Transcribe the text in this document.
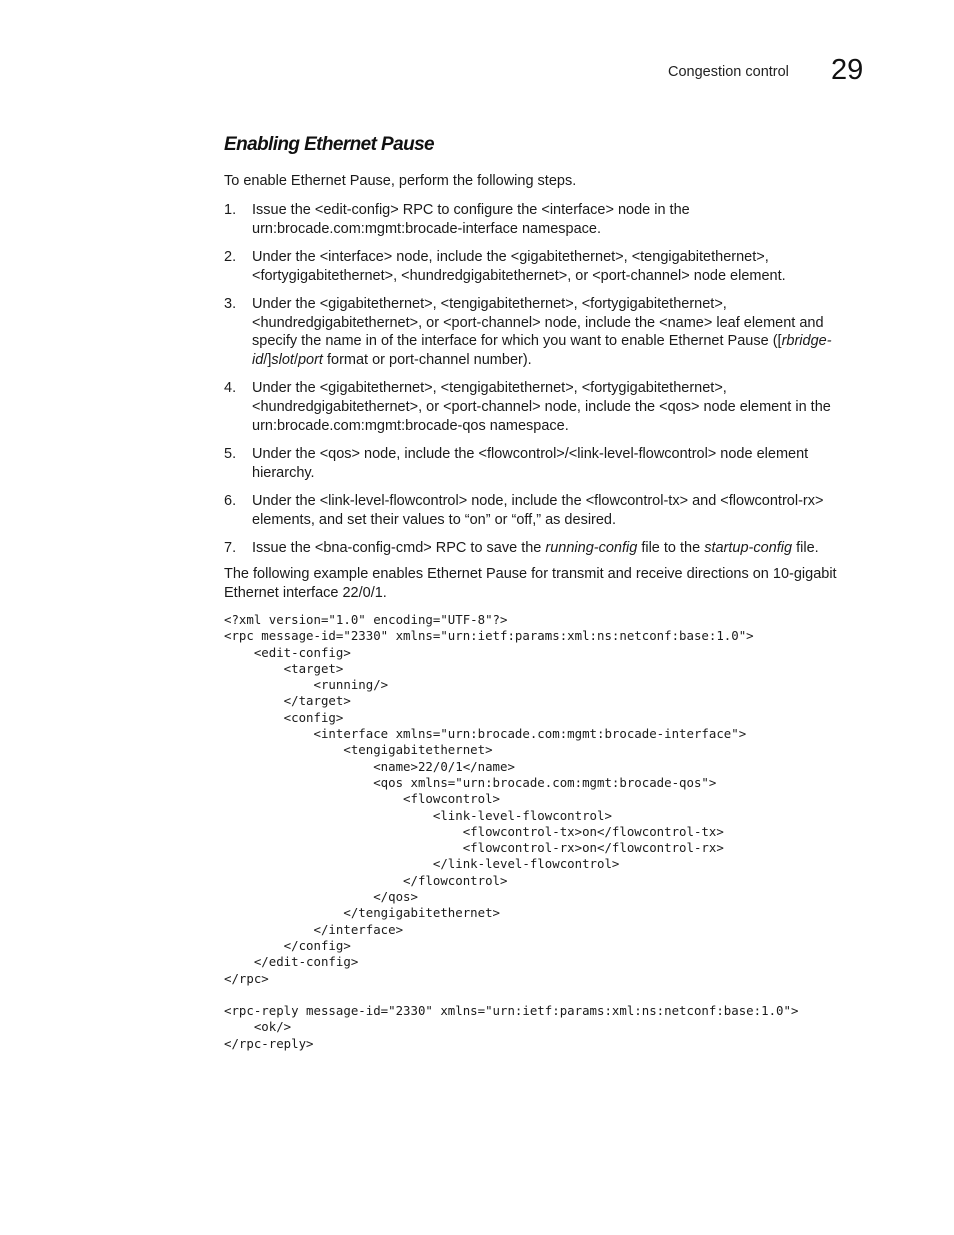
Congestion control 29
Enabling Ethernet Pause

To enable Ethernet Pause, perform the following steps.

1.	Issue the <edit-config> RPC to configure the <interface> node in the urn:brocade.com:mgmt:brocade-interface namespace.
2.	Under the <interface> node, include the <gigabitethernet>, <tengigabitethernet>, <fortygigabitethernet>, <hundredgigabitethernet>, or <port-channel> node element.
3.	Under the <gigabitethernet>, <tengigabitethernet>, <fortygigabitethernet>, <hundredgigabitethernet>, or <port-channel> node, include the <name> leaf element and specify the name in of the interface for which you want to enable Ethernet Pause ([rbridge-id/]slot/port format or port-channel number).
4.	Under the <gigabitethernet>, <tengigabitethernet>, <fortygigabitethernet>, <hundredgigabitethernet>, or <port-channel> node, include the <qos> node element in the urn:brocade.com:mgmt:brocade-qos namespace.
5.	Under the <qos> node, include the <flowcontrol>/<link-level-flowcontrol> node element hierarchy.
6.	Under the <link-level-flowcontrol> node, include the <flowcontrol-tx> and <flowcontrol-rx> elements, and set their values to “on” or “off,” as desired.
7.	Issue the <bna-config-cmd> RPC to save the running-config file to the startup-config file.

The following example enables Ethernet Pause for transmit and receive directions on 10-gigabit Ethernet interface 22/0/1.

<?xml version="1.0" encoding="UTF-8"?>
<rpc message-id="2330" xmlns="urn:ietf:params:xml:ns:netconf:base:1.0">
<edit-config>
<target>
<running/>
</target>
<config>
<interface xmlns="urn:brocade.com:mgmt:brocade-interface">
<tengigabitethernet>
<name>22/0/1</name>
<qos xmlns="urn:brocade.com:mgmt:brocade-qos">
<flowcontrol>
<link-level-flowcontrol>
<flowcontrol-tx>on</flowcontrol-tx>
<flowcontrol-rx>on</flowcontrol-rx>
</link-level-flowcontrol>
</flowcontrol>
</qos>
</tengigabitethernet>
</interface>
</config>
</edit-config>
</rpc>

<rpc-reply message-id="2330" xmlns="urn:ietf:params:xml:ns:netconf:base:1.0">
<ok/>
</rpc-reply>
